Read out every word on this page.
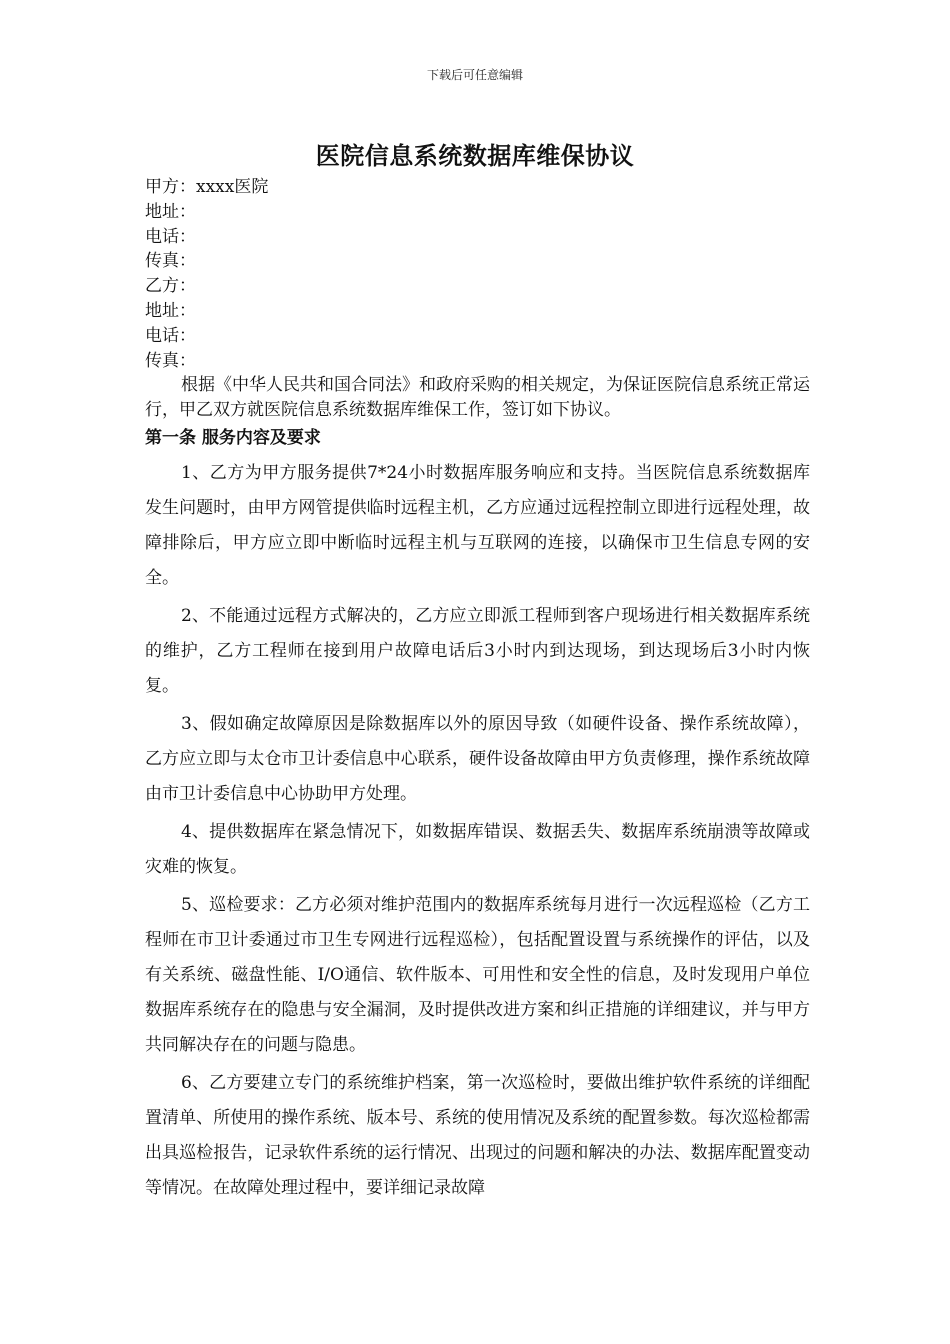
下载后可任意编辑
医院信息系统数据库维保协议
甲方：xxxx医院
地址：
电话：
传真：
乙方：
地址：
电话：
传真：

根据《中华人民共和国合同法》和政府采购的相关规定，为保证医院信息系统正常运行，甲乙双方就医院信息系统数据库维保工作，签订如下协议。

第一条 服务内容及要求

1、乙方为甲方服务提供7*24小时数据库服务响应和支持。当医院信息系统数据库发生问题时，由甲方网管提供临时远程主机，乙方应通过远程控制立即进行远程处理，故障排除后，甲方应立即中断临时远程主机与互联网的连接，以确保市卫生信息专网的安全。

2、不能通过远程方式解决的，乙方应立即派工程师到客户现场进行相关数据库系统的维护，乙方工程师在接到用户故障电话后3小时内到达现场，到达现场后3小时内恢复。

3、假如确定故障原因是除数据库以外的原因导致（如硬件设备、操作系统故障），乙方应立即与太仓市卫计委信息中心联系，硬件设备故障由甲方负责修理，操作系统故障由市卫计委信息中心协助甲方处理。

4、提供数据库在紧急情况下，如数据库错误、数据丢失、数据库系统崩溃等故障或灾难的恢复。

5、巡检要求：乙方必须对维护范围内的数据库系统每月进行一次远程巡检（乙方工程师在市卫计委通过市卫生专网进行远程巡检），包括配置设置与系统操作的评估，以及有关系统、磁盘性能、I/O通信、软件版本、可用性和安全性的信息，及时发现用户单位数据库系统存在的隐患与安全漏洞，及时提供改进方案和纠正措施的详细建议，并与甲方共同解决存在的问题与隐患。

6、乙方要建立专门的系统维护档案，第一次巡检时，要做出维护软件系统的详细配置清单、所使用的操作系统、版本号、系统的使用情况及系统的配置参数。每次巡检都需出具巡检报告，记录软件系统的运行情况、出现过的问题和解决的办法、数据库配置变动等情况。在故障处理过程中，要详细记录故障
